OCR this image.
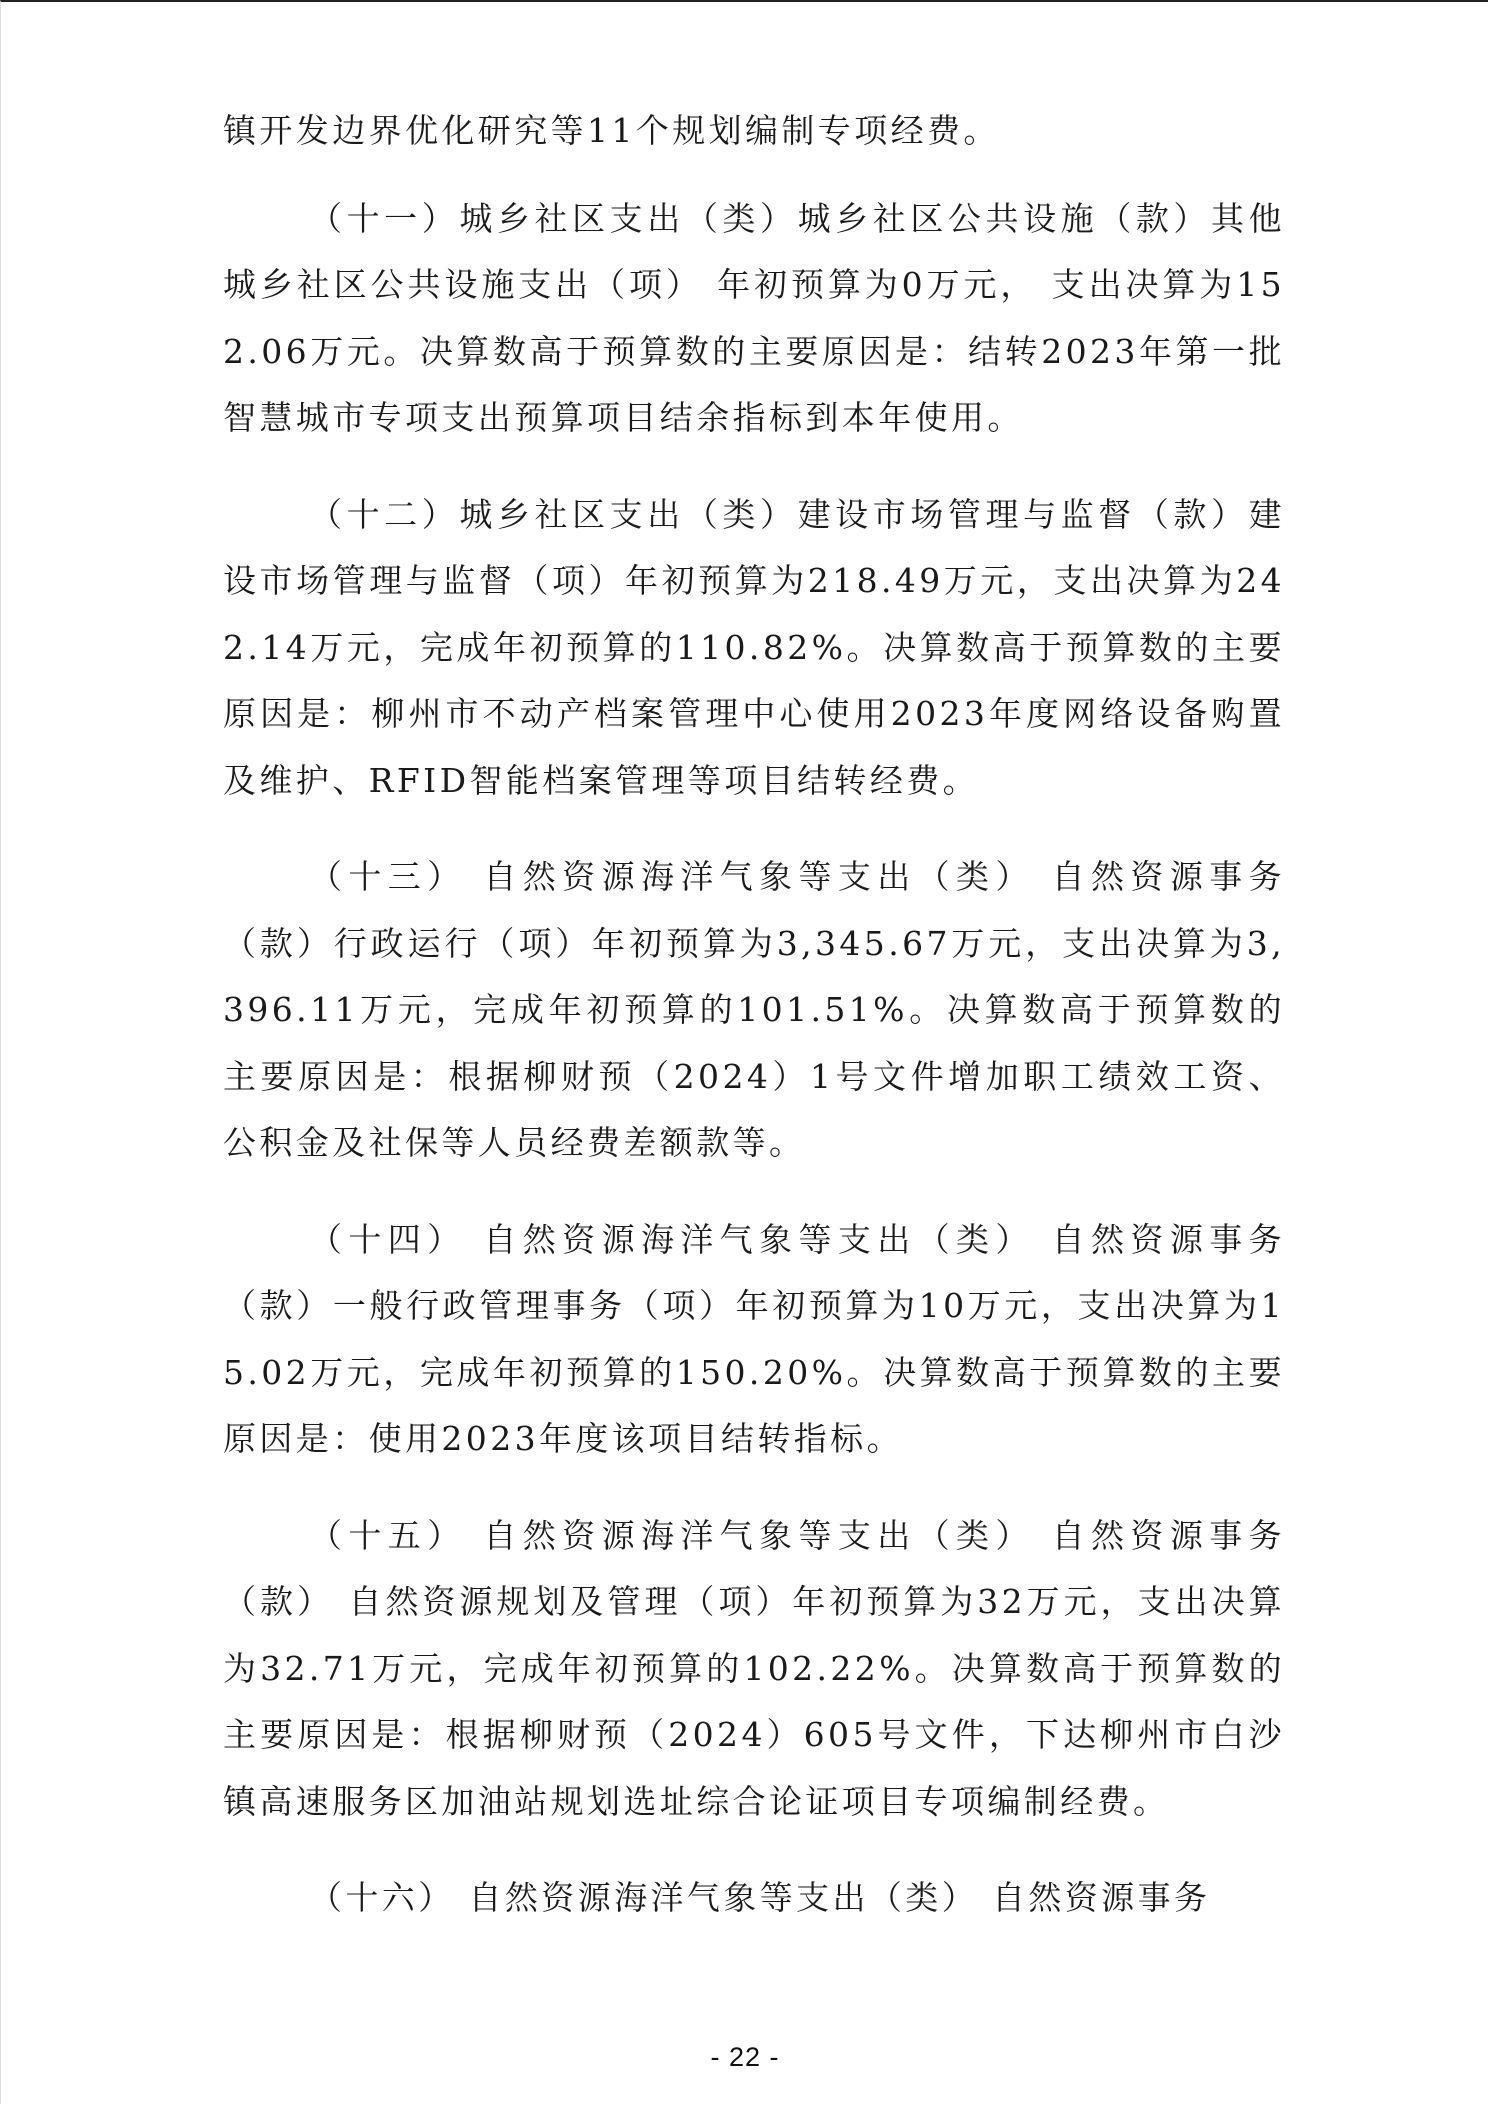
镇开发边界优化研究等11个规划编制专项经费。

（十一）城乡社区支出（类）城乡社区公共设施（款）其他城乡社区公共设施支出（项） 年初预算为0万元， 支出决算为152.06万元。决算数高于预算数的主要原因是：结转2023年第一批智慧城市专项支出预算项目结余指标到本年使用。

（十二）城乡社区支出（类）建设市场管理与监督（款）建设市场管理与监督（项）年初预算为218.49万元，支出决算为242.14万元，完成年初预算的110.82%。决算数高于预算数的主要原因是：柳州市不动产档案管理中心使用2023年度网络设备购置及维护、RFID智能档案管理等项目结转经费。

（十三） 自然资源海洋气象等支出（类） 自然资源事务（款）行政运行（项）年初预算为3,345.67万元，支出决算为3,396.11万元，完成年初预算的101.51%。决算数高于预算数的主要原因是：根据柳财预（2024）1号文件增加职工绩效工资、公积金及社保等人员经费差额款等。

（十四） 自然资源海洋气象等支出（类） 自然资源事务（款）一般行政管理事务（项）年初预算为10万元，支出决算为15.02万元，完成年初预算的150.20%。决算数高于预算数的主要原因是：使用2023年度该项目结转指标。

（十五） 自然资源海洋气象等支出（类） 自然资源事务（款） 自然资源规划及管理（项）年初预算为32万元，支出决算为32.71万元，完成年初预算的102.22%。决算数高于预算数的主要原因是：根据柳财预（2024）605号文件，下达柳州市白沙镇高速服务区加油站规划选址综合论证项目专项编制经费。

（十六） 自然资源海洋气象等支出（类） 自然资源事务

- 22 -
